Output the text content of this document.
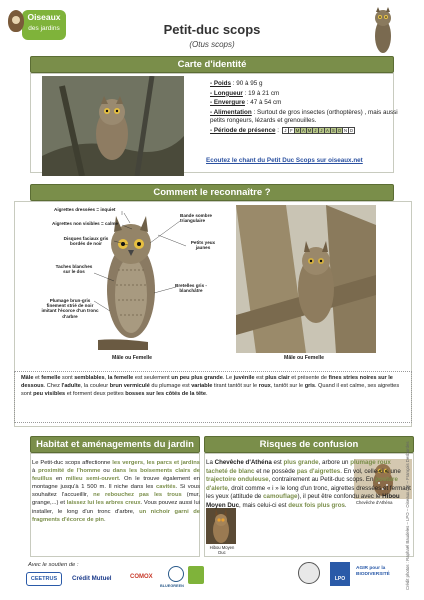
Oiseaux
des jardins	Petit-duc scops
(Otus scops)
Carte d'identité
- Poids : 90 à 95 g
- Longueur : 19 à 21 cm
- Envergure : 47 à 54 cm
- Alimentation : Surtout de gros insectes (orthoptères) , mais aussi petits rongeurs, lézards et grenouilles.
- Période de présence :	J F M A M J J A S O N D
Ecoutez le chant du Petit Duc Scops sur oiseaux.net
Comment le reconnaître ?
Aigrettes dressées = inquiet
Aigrettes non visibles = calme
Disques faciaux gris bordés de noir
Taches blanches sur le dos
Plumage brun-gris finement strié de noir imitant l'écorce d'un tronc d'arbre
Bande sombre triangulaire
Petits yeux jaunes
Bretelles gris -blanchâtre
Mâle ou Femelle	Mâle ou Femelle
Mâle et femelle sont semblables, la femelle est seulement un peu plus grande. Le juvénile est plus clair et présente de fines stries noires sur le dessous. Chez l'adulte, la couleur brun vermiculé du plumage est variable tirant tantôt sur le roux, tantôt sur le gris. Quand il est calme, ses aigrettes sont peu visibles et forment deux petites bosses sur les côtés de la tête.
Habitat et aménagements du jardin
Le Petit-duc scops affectionne les vergers, les parcs et jardins à proximité de l'homme ou dans les boisements clairs de feuillus en milieu semi-ouvert. On le trouve également en montagne jusqu'à 1 500 m. Il niche dans les cavités. Si vous souhaitez l'accueillir, ne rebouchez pas les trous (mur, grange,...) et laissez lui les arbres creux. Vous pouvez aussi lui installer, le long d'un tronc d'arbre, un nichoir garni de fragments d'écorce de pin.
Risques de confusion
Chevêche d'Athéna
Hibou Moyen Duc
La Chevêche d'Athéna est plus grande, arbore un plumage roux tacheté de blanc et ne possède pas d'aigrettes. En vol, celle-ci a une trajectoire onduleuse, contrairement au Petit-duc scops. En posture d'alerte, droit comme « i » le long d'un tronc, aigrettes dressées et fermant les yeux (attitude de camouflage), il peut être confondu avec le Hibou Moyen Duc, mais celui-ci est deux fois plus gros.	Crédit photos : Raphaël Baudeles – LPO – Oiseaux.net – François Desbordes
Avec le soutien de :
CEETRUS	Crédit Mutuel	COMOX
BLUEGREEN
LPO
AGIR pour la BIODIVERSITÉ
